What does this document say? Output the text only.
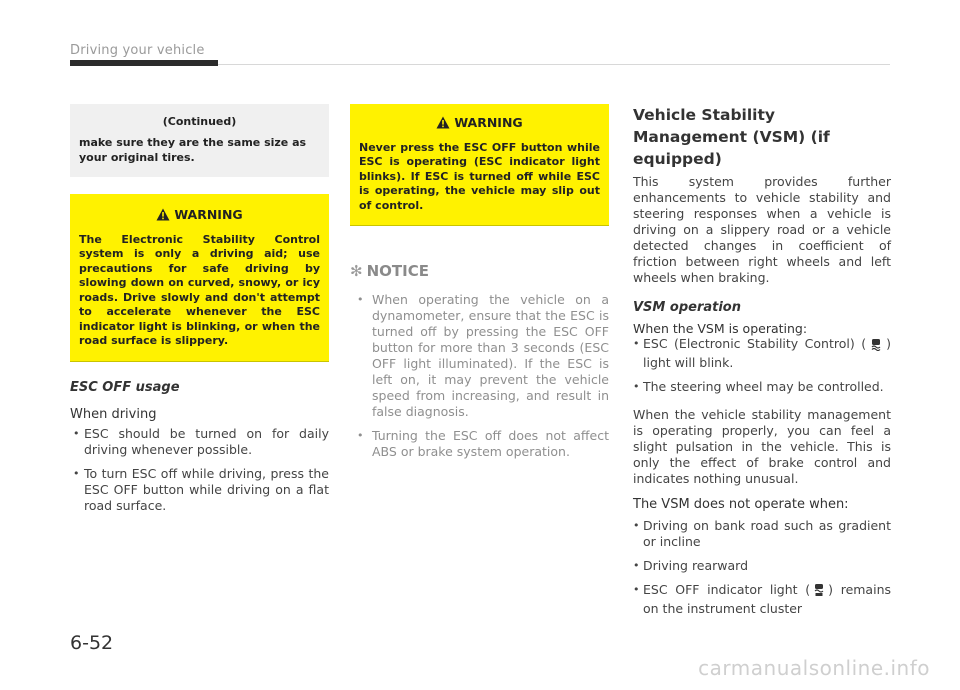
Driving your vehicle
(Continued)
make sure they are the same size as your original tires.
WARNING
The Electronic Stability Control system is only a driving aid; use precautions for safe driving by slowing down on curved, snowy, or icy roads. Drive slowly and don't attempt to accelerate whenever the ESC indicator light is blinking, or when the road surface is slippery.
ESC OFF usage
When driving
• ESC should be turned on for daily driving whenever possible.
• To turn ESC off while driving, press the ESC OFF button while driving on a flat road surface.
WARNING
Never press the ESC OFF button while ESC is operating (ESC indicator light blinks). If ESC is turned off while ESC is operating, the vehicle may slip out of control.
✻ NOTICE
• When operating the vehicle on a dynamometer, ensure that the ESC is turned off by pressing the ESC OFF button for more than 3 seconds (ESC OFF light illuminated). If the ESC is left on, it may prevent the vehicle speed from increasing, and result in false diagnosis.
• Turning the ESC off does not affect ABS or brake system operation.
Vehicle Stability Management (VSM) (if equipped)
This system provides further enhancements to vehicle stability and steering responses when a vehicle is driving on a slippery road or a vehicle detected changes in coefficient of friction between right wheels and left wheels when braking.
VSM operation
When the VSM is operating:
• ESC (Electronic Stability Control) ( ) light will blink.
• The steering wheel may be controlled.
When the vehicle stability management is operating properly, you can feel a slight pulsation in the vehicle. This is only the effect of brake control and indicates nothing unusual.
The VSM does not operate when:
• Driving on bank road such as gradient or incline
• Driving rearward
• ESC OFF indicator light ( ) remains on the instrument cluster
6-52
carmanualsonline.info
